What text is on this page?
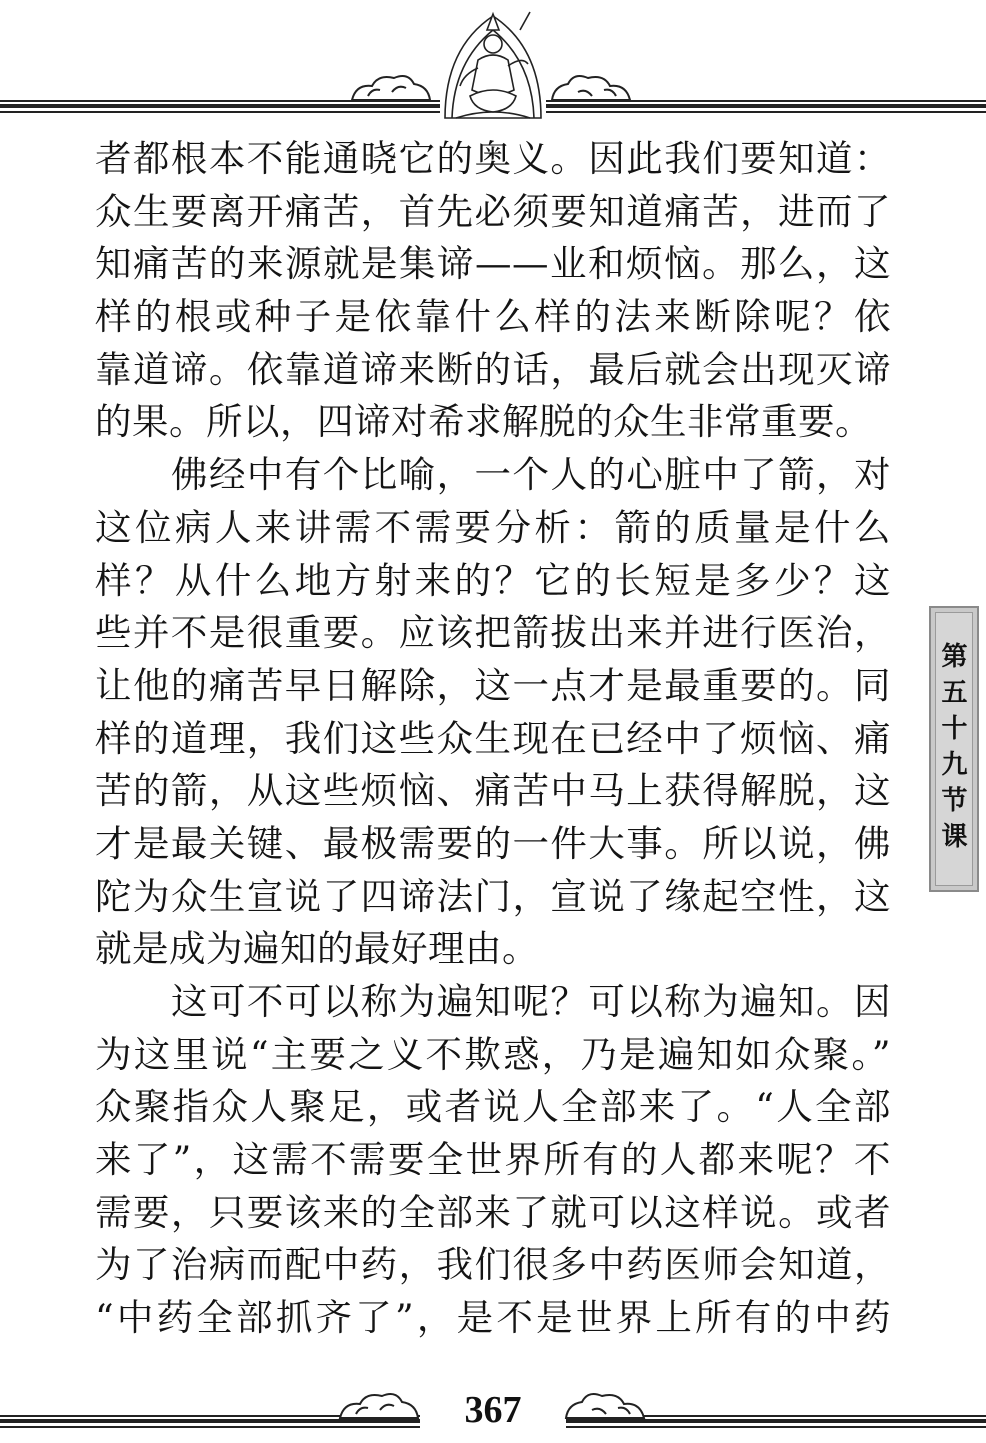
者都根本不能通晓它的奥义。因此我们要知道：
众生要离开痛苦，首先必须要知道痛苦，进而了
知痛苦的来源就是集谛——业和烦恼。那么，这
样的根或种子是依靠什么样的法来断除呢？依
靠道谛。依靠道谛来断的话，最后就会出现灭谛
的果。所以，四谛对希求解脱的众生非常重要。
佛经中有个比喻，一个人的心脏中了箭，对
这位病人来讲需不需要分析：箭的质量是什么
样？从什么地方射来的？它的长短是多少？这
些并不是很重要。应该把箭拔出来并进行医治，
让他的痛苦早日解除，这一点才是最重要的。同
样的道理，我们这些众生现在已经中了烦恼、痛
苦的箭，从这些烦恼、痛苦中马上获得解脱，这
才是最关键、最极需要的一件大事。所以说，佛
陀为众生宣说了四谛法门，宣说了缘起空性，这
就是成为遍知的最好理由。
这可不可以称为遍知呢？可以称为遍知。因
为这里说“主要之义不欺惑，乃是遍知如众聚。”
众聚指众人聚足，或者说人全部来了。“人全部
来了”，这需不需要全世界所有的人都来呢？不
需要，只要该来的全部来了就可以这样说。或者
为了治病而配中药，我们很多中药医师会知道，
“中药全部抓齐了”，是不是世界上所有的中药
第五十九节课
367
